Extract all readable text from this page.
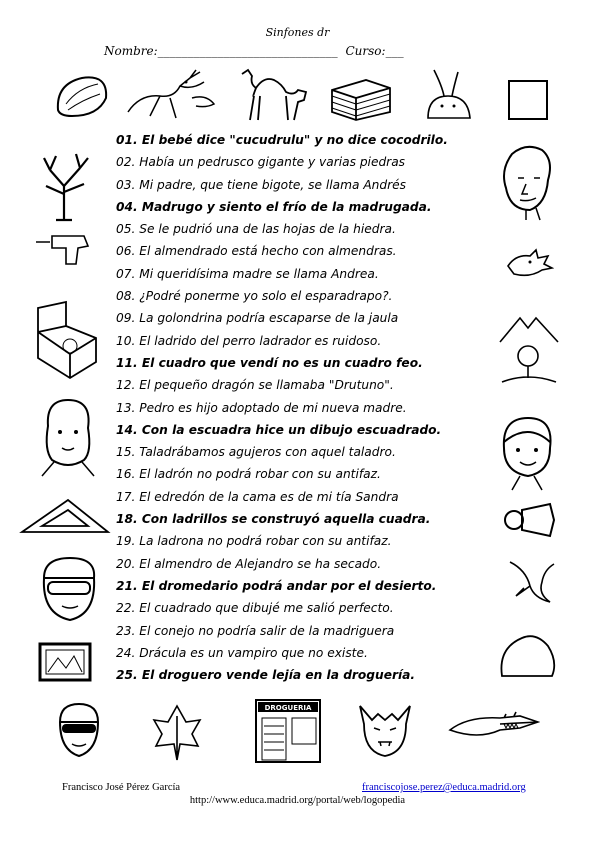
Sinfones dr
Nombre:______________________________ Curso:___
DROGUERIA
01. El bebé dice "cucudrulu" y no dice cocodrilo.
02. Había un pedrusco gigante y varias piedras
03. Mi padre, que tiene bigote, se llama Andrés
04. Madrugo y siento el frío de la madrugada.
05. Se le pudrió una de las hojas de la hiedra.
06. El almendrado está hecho con almendras.
07. Mi queridísima madre se llama Andrea.
08. ¿Podré ponerme yo solo el esparadrapo?.
09. La golondrina podría escaparse de la jaula
10. El ladrido del perro ladrador es ruidoso.
11. El cuadro que vendí no es un cuadro feo.
12. El pequeño dragón se llamaba "Drutuno".
13. Pedro es hijo adoptado de mi nueva madre.
14. Con la escuadra hice un dibujo escuadrado.
15. Taladrábamos agujeros con aquel taladro.
16. El ladrón no podrá robar con su antifaz.
17. El edredón de la cama es de mi tía Sandra
18. Con ladrillos se construyó aquella cuadra.
19. La ladrona no podrá robar con su antifaz.
20. El almendro de Alejandro se ha secado.
21. El dromedario podrá andar por el desierto.
22. El cuadrado que dibujé me salió perfecto.
23. El conejo no podría salir de la madriguera
24. Drácula es un vampiro que no existe.
25. El droguero vende lejía en la droguería.
Francisco José Pérez García	franciscojose.perez@educa.madrid.org
http://www.educa.madrid.org/portal/web/logopedia
